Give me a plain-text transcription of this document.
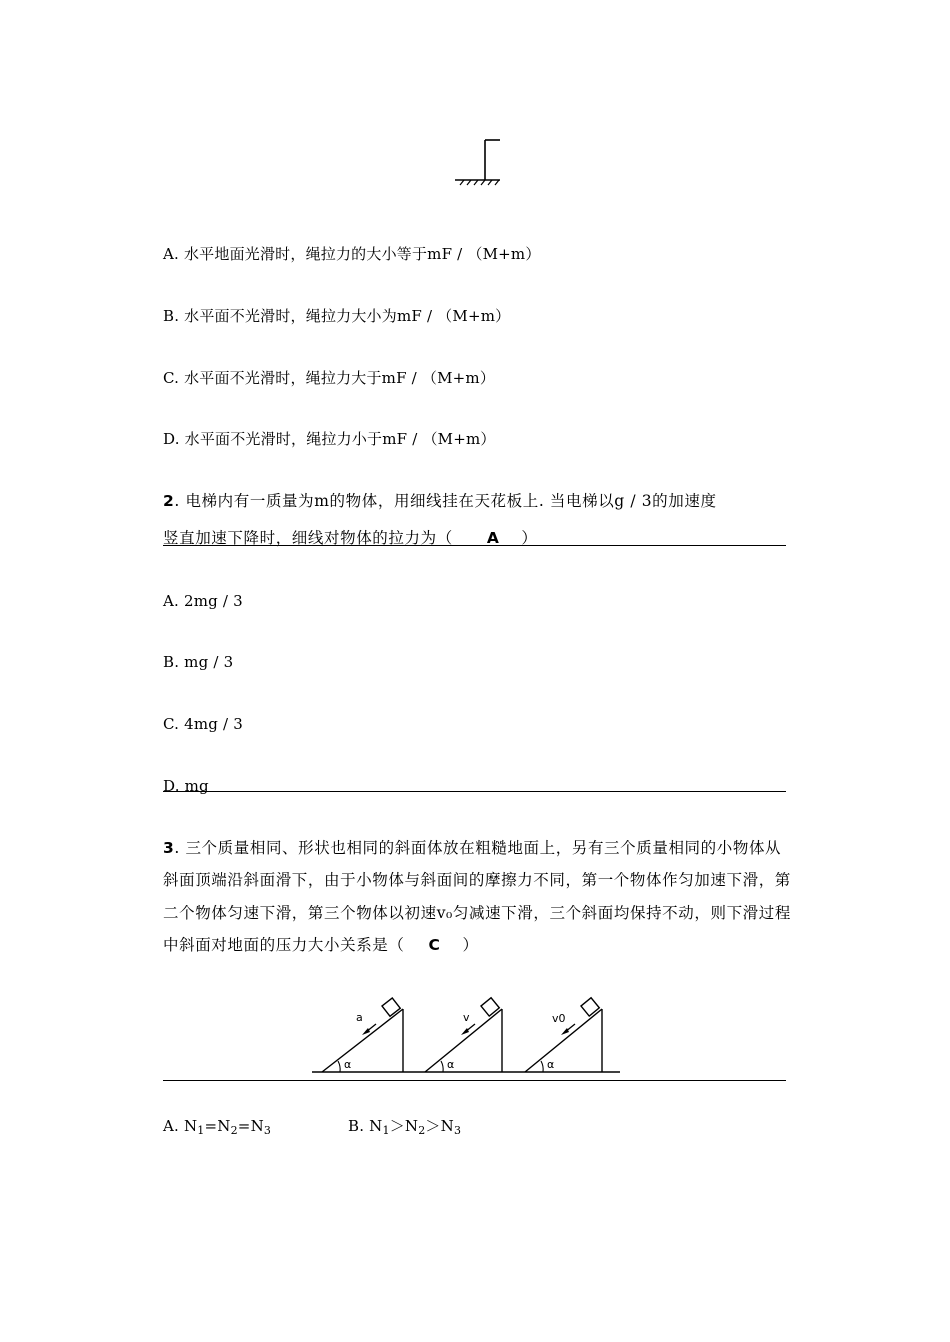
A. 水平地面光滑时，绳拉力的大小等于mF / （M+m）
B. 水平面不光滑时，绳拉力大小为mF / （M+m）
C. 水平面不光滑时，绳拉力大于mF / （M+m）
D. 水平面不光滑时，绳拉力小于mF / （M+m）
2. 电梯内有一质量为m的物体，用细线挂在天花板上. 当电梯以g / 3的加速度
竖直加速下降时，细线对物体的拉力为（ A ）
A. 2mg / 3
B. mg / 3
C. 4mg / 3
D. mg
3. 三个质量相同、形状也相同的斜面体放在粗糙地面上，另有三个质量相同的小物体从
斜面顶端沿斜面滑下，由于小物体与斜面间的摩擦力不同，第一个物体作匀加速下滑，第
二个物体匀速下滑，第三个物体以初速v₀匀减速下滑，三个斜面均保持不动，则下滑过程
中斜面对地面的压力大小关系是（ C ）
a
α
v
α
v0
α
A. $N_1=N_2=N_3$	B. $N_1>N_2>N_3$
